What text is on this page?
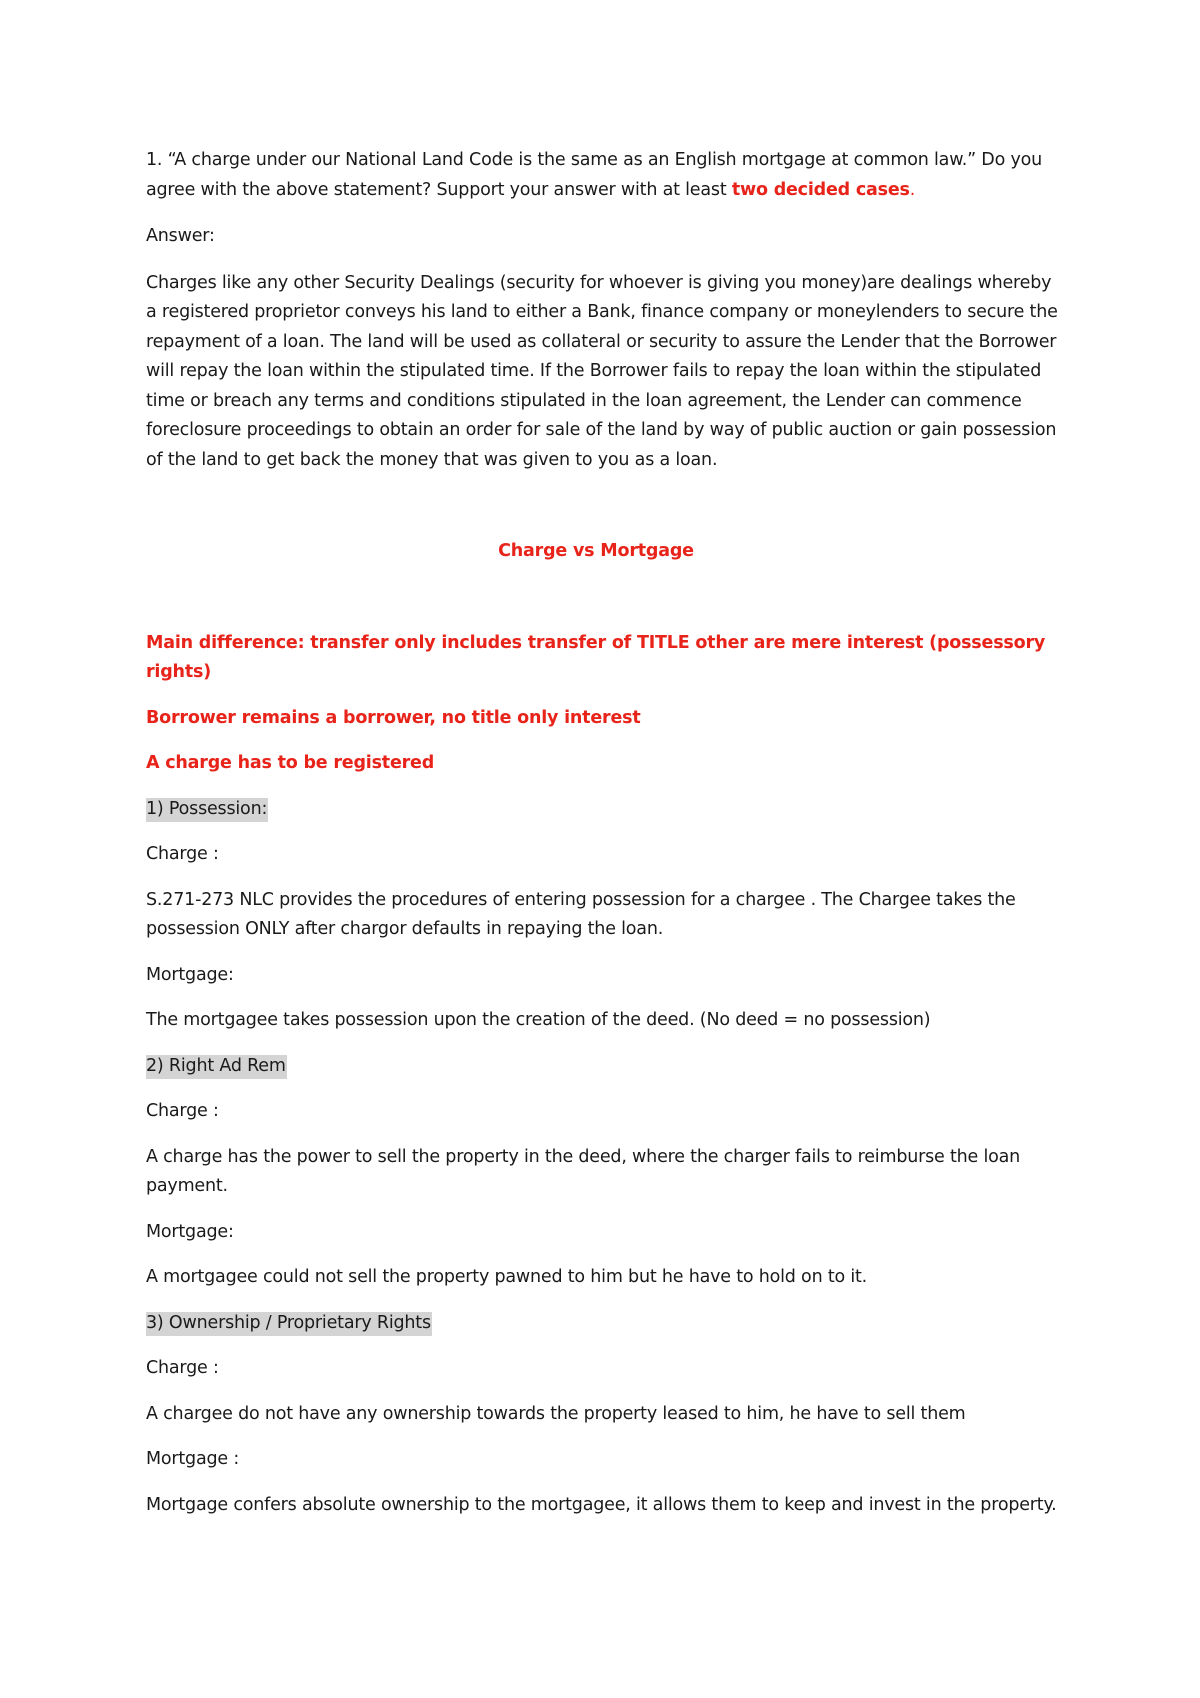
1. “A charge under our National Land Code is the same as an English mortgage at common law.” Do you agree with the above statement? Support your answer with at least two decided cases.

Answer:

Charges like any other Security Dealings (security for whoever is giving you money)are dealings whereby a registered proprietor conveys his land to either a Bank, finance company or moneylenders to secure the repayment of a loan. The land will be used as collateral or security to assure the Lender that the Borrower will repay the loan within the stipulated time. If the Borrower fails to repay the loan within the stipulated time or breach any terms and conditions stipulated in the loan agreement, the Lender can commence foreclosure proceedings to obtain an order for sale of the land by way of public auction or gain possession of the land to get back the money that was given to you as a loan.

Charge vs Mortgage

Main difference: transfer only includes transfer of TITLE other are mere interest (possessory rights)

Borrower remains a borrower, no title only interest

A charge has to be registered

1) Possession:

Charge :

S.271-273 NLC provides the procedures of entering possession for a chargee . The Chargee takes the possession ONLY after chargor defaults in repaying the loan.

Mortgage:

The mortgagee takes possession upon the creation of the deed. (No deed = no possession)

2) Right Ad Rem

Charge :

A charge has the power to sell the property in the deed, where the charger fails to reimburse the loan payment.

Mortgage:

A mortgagee could not sell the property pawned to him but he have to hold on to it.

3) Ownership / Proprietary Rights

Charge :

A chargee do not have any ownership towards the property leased to him, he have to sell them

Mortgage :

Mortgage confers absolute ownership to the mortgagee, it allows them to keep and invest in the property.
